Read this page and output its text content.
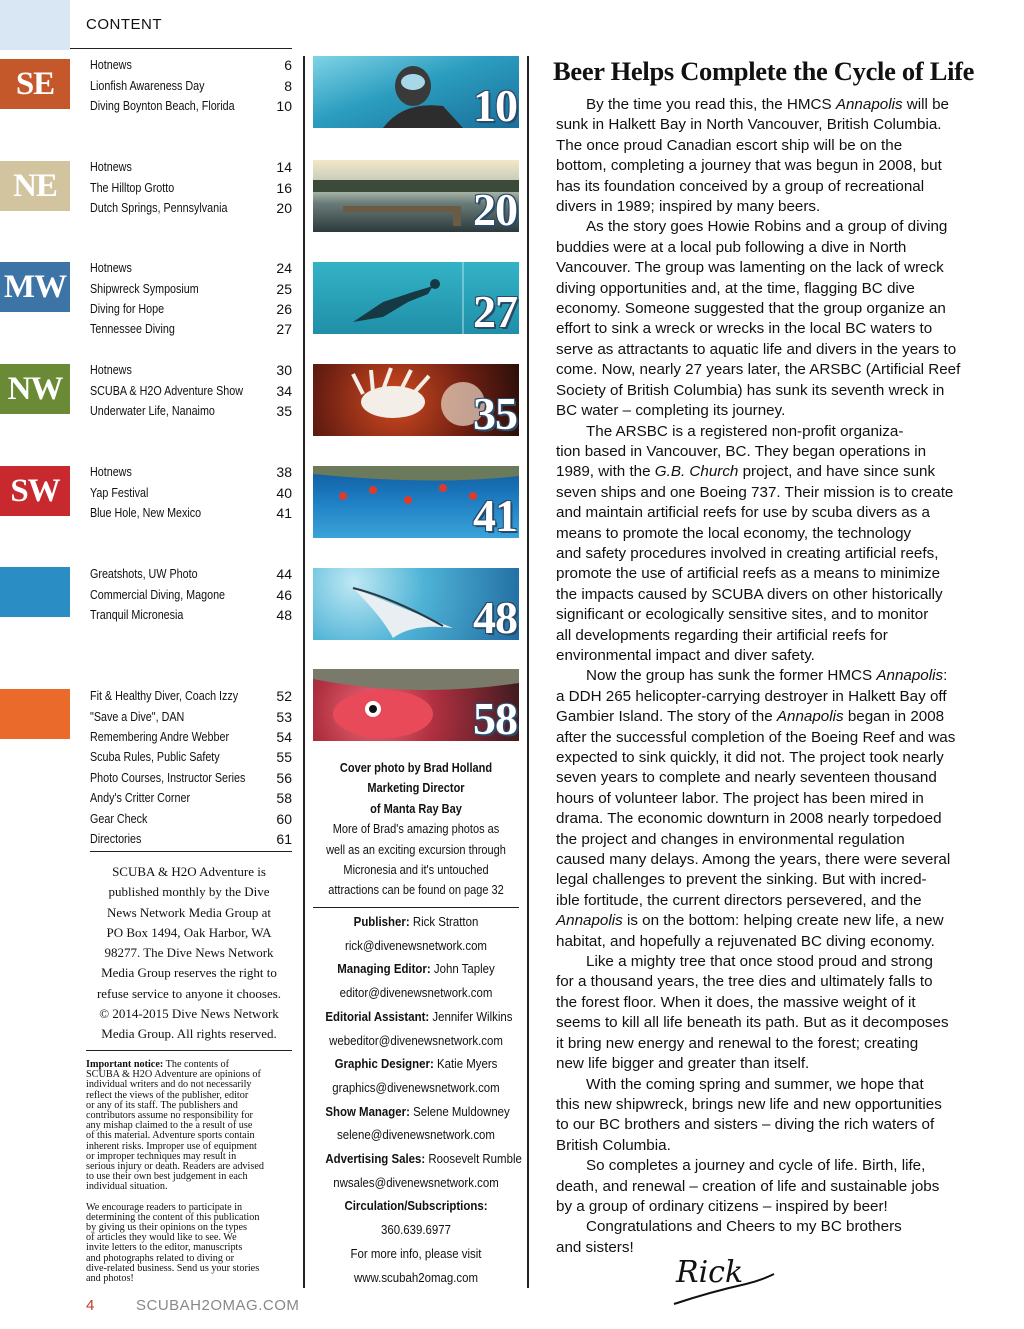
CONTENT
SE
NE
MW
NW
SW
Hotnews	6
Lionfish Awareness Day	8
Diving Boynton Beach, Florida	10
Hotnews	14
The Hilltop Grotto	16
Dutch Springs, Pennsylvania	20
Hotnews	24
Shipwreck Symposium	25
Diving for Hope	26
Tennessee Diving	27
Hotnews	30
SCUBA & H2O Adventure Show 34
Underwater Life, Nanaimo	35
Hotnews	38
Yap Festival	40
Blue Hole, New Mexico	41
Greatshots, UW Photo	44
Commercial Diving, Magone	46
Tranquil Micronesia	48
Fit & Healthy Diver, Coach Izzy	52
"Save a Dive", DAN	53
Remembering Andre Webber	54
Scuba Rules, Public Safety	55
Photo Courses, Instructor Series 56
Andy's Critter Corner	58
Gear Check	60
Directories	61
SCUBA & H2O Adventure is
published monthly by the Dive
News Network Media Group at
PO Box 1494, Oak Harbor, WA
98277. The Dive News Network
Media Group reserves the right to
refuse service to anyone it chooses.
© 2014-2015 Dive News Network
Media Group. All rights reserved.

Important notice: The contents of
SCUBA & H2O Adventure are opinions of
individual writers and do not necessarily
reflect the views of the publisher, editor
or any of its staff. The publishers and
contributors assume no responsibility for
any mishap claimed to the a result of use
of this material. Adventure sports contain
inherent risks. Improper use of equipment
or improper techniques may result in
serious injury or death. Readers are advised
to use their own best judgement in each
individual situation.

We encourage readers to participate in
determining the content of this publication
by giving us their opinions on the types
of articles they would like to see. We
invite letters to the editor, manuscripts
and photographs related to diving or
dive-related business. Send us your stories
and photos!

10
20
27
35
41
48
58
Cover photo by Brad Holland
Marketing Director
of Manta Ray Bay
More of Brad's amazing photos as
well as an exciting excursion through
Micronesia and it's untouched
attractions can be found on page 32
Publisher: Rick Stratton
rick@divenewsnetwork.com
Managing Editor: John Tapley
editor@divenewsnetwork.com
Editorial Assistant: Jennifer Wilkins
webeditor@divenewsnetwork.com
Graphic Designer: Katie Myers
graphics@divenewsnetwork.com
Show Manager: Selene Muldowney
selene@divenewsnetwork.com
Advertising Sales: Roosevelt Rumble
nwsales@divenewsnetwork.com
Circulation/Subscriptions:
360.639.6977
For more info, please visit
www.scubah2omag.com
Beer Helps Complete the Cycle of Life

By the time you read this, the HMCS Annapolis will be
sunk in Halkett Bay in North Vancouver, British Columbia.
The once proud Canadian escort ship will be on the
bottom, completing a journey that was begun in 2008, but
has its foundation conceived by a group of recreational
divers in 1989; inspired by many beers.

As the story goes Howie Robins and a group of diving
buddies were at a local pub following a dive in North
Vancouver. The group was lamenting on the lack of wreck
diving opportunities and, at the time, flagging BC dive
economy. Someone suggested that the group organize an
effort to sink a wreck or wrecks in the local BC waters to
serve as attractants to aquatic life and divers in the years to
come. Now, nearly 27 years later, the ARSBC (Artificial Reef
Society of British Columbia) has sunk its seventh wreck in
BC water – completing its journey.

The ARSBC is a registered non-profit organiza-
tion based in Vancouver, BC. They began operations in
1989, with the G.B. Church project, and have since sunk
seven ships and one Boeing 737. Their mission is to create
and maintain artificial reefs for use by scuba divers as a
means to promote the local economy, the technology
and safety procedures involved in creating artificial reefs,
promote the use of artificial reefs as a means to minimize
the impacts caused by SCUBA divers on other historically
significant or ecologically sensitive sites, and to monitor
all developments regarding their artificial reefs for
environmental impact and diver safety.

Now the group has sunk the former HMCS Annapolis:
a DDH 265 helicopter-carrying destroyer in Halkett Bay off
Gambier Island. The story of the Annapolis began in 2008
after the successful completion of the Boeing Reef and was
expected to sink quickly, it did not. The project took nearly
seven years to complete and nearly seventeen thousand
hours of volunteer labor. The project has been mired in
drama. The economic downturn in 2008 nearly torpedoed
the project and changes in environmental regulation
caused many delays. Among the years, there were several
legal challenges to prevent the sinking. But with incred-
ible fortitude, the current directors persevered, and the
Annapolis is on the bottom: helping create new life, a new
habitat, and hopefully a rejuvenated BC diving economy.

Like a mighty tree that once stood proud and strong
for a thousand years, the tree dies and ultimately falls to
the forest floor. When it does, the massive weight of it
seems to kill all life beneath its path. But as it decomposes
it bring new energy and renewal to the forest; creating
new life bigger and greater than itself.

With the coming spring and summer, we hope that
this new shipwreck, brings new life and new opportunities
to our BC brothers and sisters – diving the rich waters of
British Columbia.

So completes a journey and cycle of life. Birth, life,
death, and renewal – creation of life and sustainable jobs
by a group of ordinary citizens – inspired by beer!

Congratulations and Cheers to my BC brothers
and sisters!

Rick
4	SCUBAH2OMAG.COM
